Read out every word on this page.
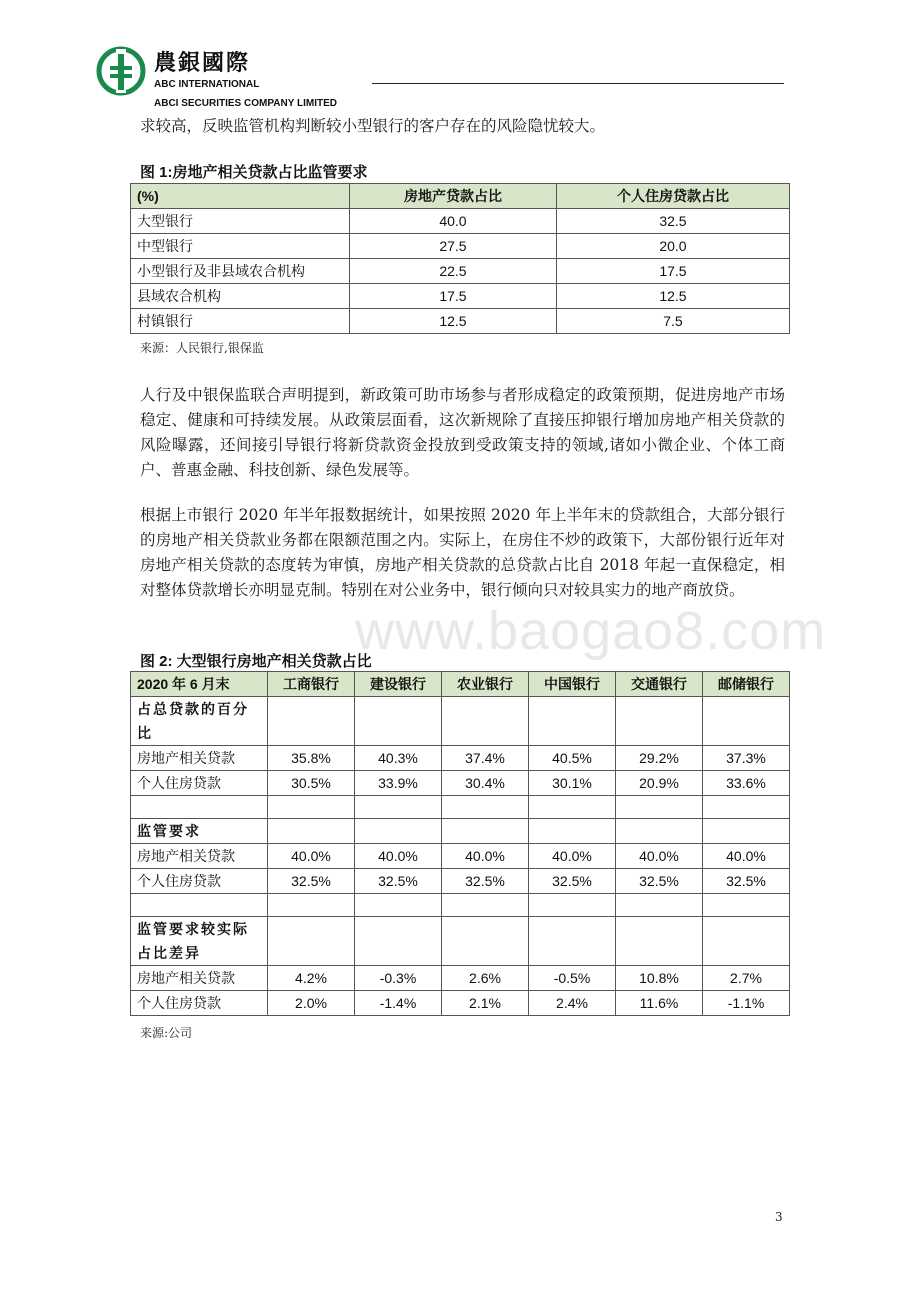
農銀國際
ABC INTERNATIONAL
ABCI SECURITIES COMPANY LIMITED
求较高，反映监管机构判断较小型银行的客户存在的风险隐忧较大。
图 1:房地产相关贷款占比监管要求
(%)	房地产贷款占比	个人住房贷款占比
大型银行	40.0	32.5
中型银行	27.5	20.0
小型银行及非县域农合机构	22.5	17.5
县域农合机构	17.5	12.5
村镇银行	12.5	7.5
来源：人民银行,银保监
人行及中银保监联合声明提到，新政策可助市场参与者形成稳定的政策预期，促进房地产市场稳定、健康和可持续发展。从政策层面看，这次新规除了直接压抑银行增加房地产相关贷款的风险曝露，还间接引导银行将新贷款资金投放到受政策支持的领域,诸如小微企业、个体工商户、普惠金融、科技创新、绿色发展等。
根据上市银行 2020 年半年报数据统计，如果按照 2020 年上半年末的贷款组合，大部分银行的房地产相关贷款业务都在限额范围之内。实际上，在房住不炒的政策下，大部份银行近年对房地产相关贷款的态度转为审慎，房地产相关贷款的总贷款占比自 2018 年起一直保稳定，相对整体贷款增长亦明显克制。特别在对公业务中，银行倾向只对较具实力的地产商放贷。
www.baogao8.com
图 2: 大型银行房地产相关贷款占比
2020 年 6 月末	工商银行	建设银行	农业银行	中国银行	交通银行	邮储银行
占总贷款的百分比						
房地产相关贷款	35.8%	40.3%	37.4%	40.5%	29.2%	37.3%
个人住房贷款	30.5%	33.9%	30.4%	30.1%	20.9%	33.6%

监管要求						
房地产相关贷款	40.0%	40.0%	40.0%	40.0%	40.0%	40.0%
个人住房贷款	32.5%	32.5%	32.5%	32.5%	32.5%	32.5%

监管要求较实际占比差异						
房地产相关贷款	4.2%	-0.3%	2.6%	-0.5%	10.8%	2.7%
个人住房贷款	2.0%	-1.4%	2.1%	2.4%	11.6%	-1.1%
来源:公司
3
